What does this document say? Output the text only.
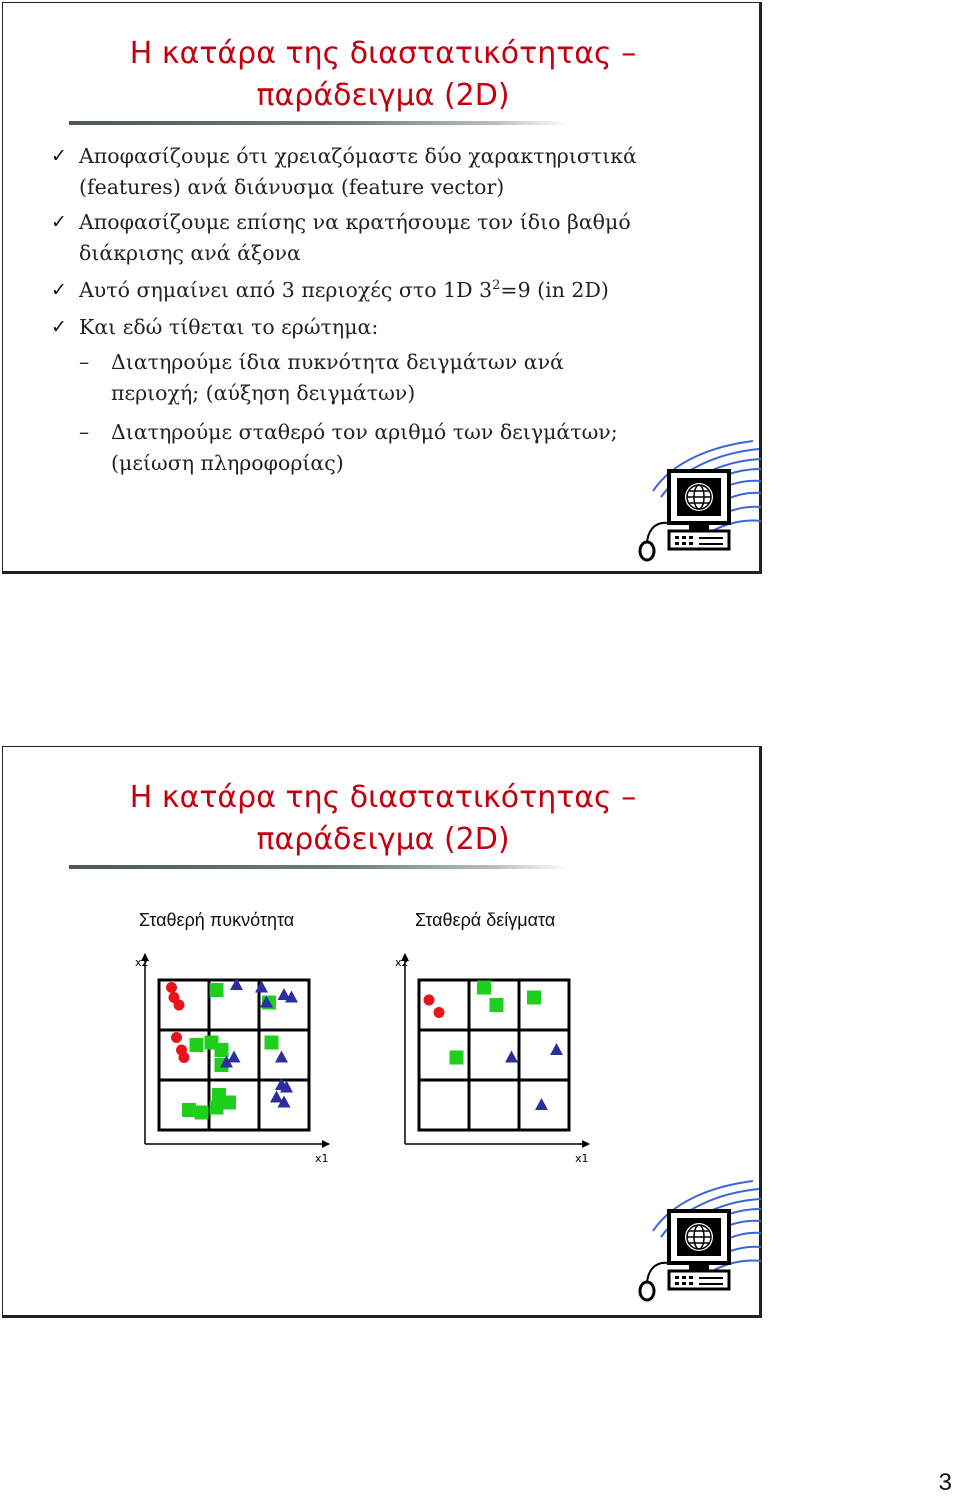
Η κατάρα της διαστατικότητας –
παράδειγμα (2D)
✓ Αποφασίζουμε ότι χρειαζόμαστε δύο χαρακτηριστικά
(features) ανά διάνυσμα (feature vector)
✓ Αποφασίζουμε επίσης να κρατήσουμε τον ίδιο βαθμό
διάκρισης ανά άξονα
✓ Αυτό σημαίνει από 3 περιοχές στο 1D $3^2=9$ (in 2D)
✓ Και εδώ τίθεται το ερώτημα:
– Διατηρούμε ίδια πυκνότητα δειγμάτων ανά
περιοχή; (αύξηση δειγμάτων)
– Διατηρούμε σταθερό τον αριθμό των δειγμάτων;
(μείωση πληροφορίας)
Η κατάρα της διαστατικότητας –
παράδειγμα (2D)
Σταθερή πυκνότητα	Σταθερά δείγματα
x2
x1
x2
x1
3
